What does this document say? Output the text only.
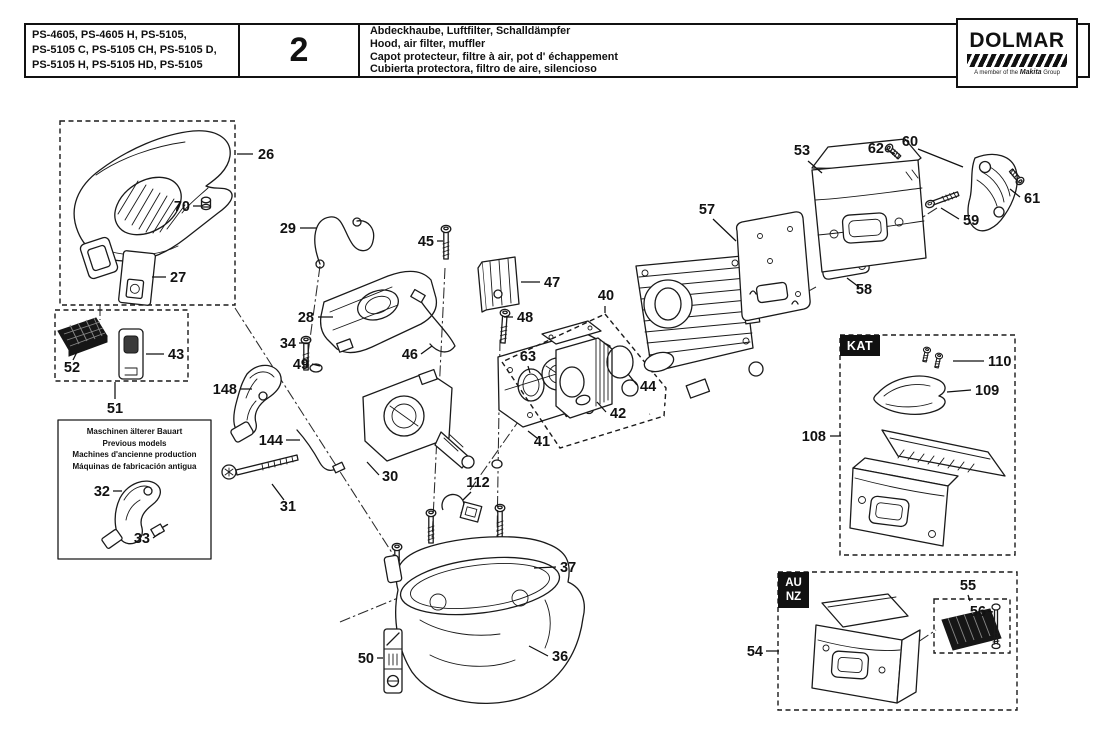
PS-4605, PS-4605 H, PS-5105,
PS-5105 C, PS-5105 CH, PS-5105 D,
PS-5105 H, PS-5105 HD, PS-5105	2	Abdeckhaube, Luftfilter, Schalldämpfer
Hood, air filter, muffler
Capot protecteur, filtre à air, pot d' échappement
Cubierta protectora, filtro de aire, silencioso
DOLMAR
A member of the Makita Group
26
70
27
52
43
51
29
28
34
49
148
144
31
32
33
45
46
47
48
63
40
44
42
41
30	112
37
36
50
53	62 60
59
61
57
58
110
109
108
55
56
54
Maschinen älterer Bauart
Previous models
Machines d'ancienne production
Máquinas de fabricación antigua
KAT
AU
NZ
